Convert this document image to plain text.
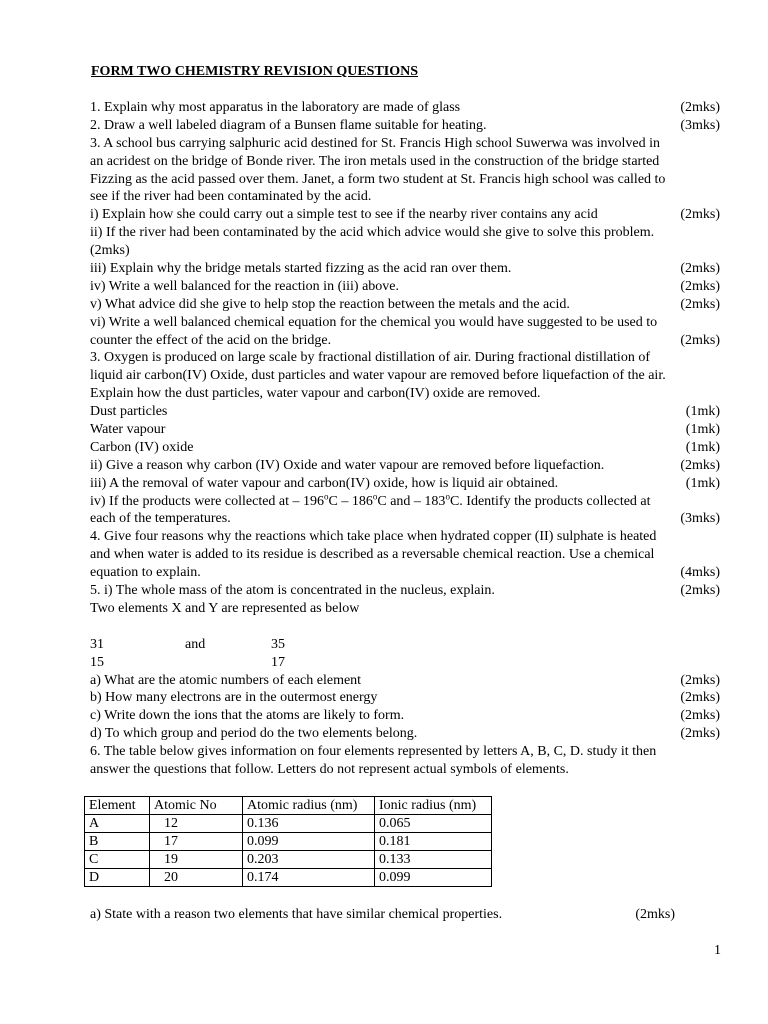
FORM TWO CHEMISTRY REVISION QUESTIONS
1. Explain why most apparatus in the laboratory are made of glass	(2mks)
2. Draw a well labeled diagram of a Bunsen flame suitable for heating.	(3mks)
3. A school bus carrying salphuric acid destined for St. Francis High school Suwerwa was involved in
an acridest on the bridge of Bonde river. The iron metals used in the construction of the bridge started
Fizzing as the acid passed over them. Janet, a form two student at St. Francis high school was called to
see if the river had been contaminated by the acid.
i) Explain how she could carry out a simple test to see if the nearby river contains any acid	(2mks)
ii) If the river had been contaminated by the acid which advice would she give to solve this problem.
(2mks)
iii) Explain why the bridge metals started fizzing as the acid ran over them.	(2mks)
iv) Write a well balanced for the reaction in (iii) above.	(2mks)
v) What advice did she give to help stop the reaction between the metals and the acid.	(2mks)
vi) Write a well balanced chemical equation for the chemical you would have suggested to be used to
counter the effect of the acid on the bridge.	(2mks)
3. Oxygen is produced on large scale by fractional distillation of air. During fractional distillation of
liquid air carbon(IV) Oxide, dust particles and water vapour are removed before liquefaction of the air.
Explain how the dust particles, water vapour and carbon(IV) oxide are removed.
Dust particles	(1mk)
Water vapour	(1mk)
Carbon (IV) oxide	(1mk)
ii) Give a reason why carbon (IV) Oxide and water vapour are removed before liquefaction.	(2mks)
iii) A the removal of water vapour and carbon(IV) oxide, how is liquid air obtained.	(1mk)
iv) If the products were collected at – 196$^o$C – 186$^o$C and – 183$^o$C. Identify the products collected at
each of the temperatures.	(3mks)
4. Give four reasons why the reactions which take place when hydrated copper (II) sulphate is heated
and when water is added to its residue is described as a reversable chemical reaction. Use a chemical
equation to explain.	(4mks)
5. i) The whole mass of the atom is concentrated in the nucleus, explain.	(2mks)
Two elements X and Y are represented as below
31	and	35
15	17
a) What are the atomic numbers of each element	(2mks)
b) How many electrons are in the outermost energy	(2mks)
c) Write down the ions that the atoms are likely to form.	(2mks)
d) To which group and period do the two elements belong.	(2mks)
6. The table below gives information on four elements represented by letters A, B, C, D. study it then
answer the questions that follow. Letters do not represent actual symbols of elements.
Element	Atomic No	Atomic radius (nm)	Ionic radius (nm)
A	12	0.136	0.065
B	17	0.099	0.181
C	19	0.203	0.133
D	20	0.174	0.099
a) State with a reason two elements that have similar chemical properties.	(2mks)
1
